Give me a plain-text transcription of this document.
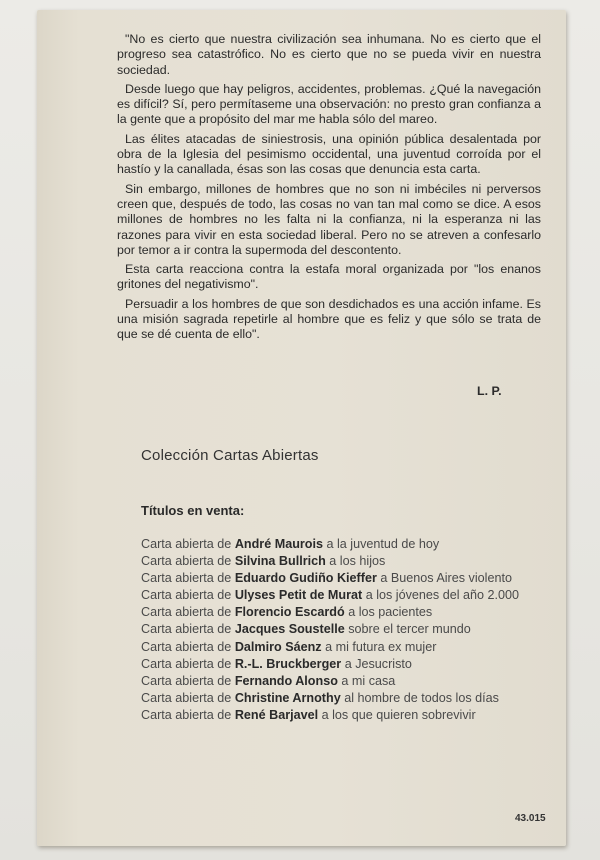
"No es cierto que nuestra civilización sea inhumana. No es cierto que el progreso sea catastrófico. No es cierto que no se pueda vivir en nuestra sociedad.

Desde luego que hay peligros, accidentes, problemas. ¿Qué la navegación es difícil? Sí, pero permítaseme una observación: no presto gran confianza a la gente que a propósito del mar me habla sólo del mareo.

Las élites atacadas de siniestrosis, una opinión pública desalentada por obra de la Iglesia del pesimismo occidental, una juventud corroída por el hastío y la canallada, ésas son las cosas que denuncia esta carta.

Sin embargo, millones de hombres que no son ni imbéciles ni perversos creen que, después de todo, las cosas no van tan mal como se dice. A esos millones de hombres no les falta ni la confianza, ni la esperanza ni las razones para vivir en esta sociedad liberal. Pero no se atreven a confesarlo por temor a ir contra la supermoda del descontento.

Esta carta reacciona contra la estafa moral organizada por "los enanos gritones del negativismo".

Persuadir a los hombres de que son desdichados es una acción infame. Es una misión sagrada repetirle al hombre que es feliz y que sólo se trata de que se dé cuenta de ello".

L. P.
Colección Cartas Abiertas
Títulos en venta:
Carta abierta de André Maurois a la juventud de hoy
Carta abierta de Silvina Bullrich a los hijos
Carta abierta de Eduardo Gudiño Kieffer a Buenos Aires violento
Carta abierta de Ulyses Petit de Murat a los jóvenes del año 2.000
Carta abierta de Florencio Escardó a los pacientes
Carta abierta de Jacques Soustelle sobre el tercer mundo
Carta abierta de Dalmiro Sáenz a mi futura ex mujer
Carta abierta de R.-L. Bruckberger a Jesucristo
Carta abierta de Fernando Alonso a mi casa
Carta abierta de Christine Arnothy al hombre de todos los días
Carta abierta de René Barjavel a los que quieren sobrevivir
43.015
